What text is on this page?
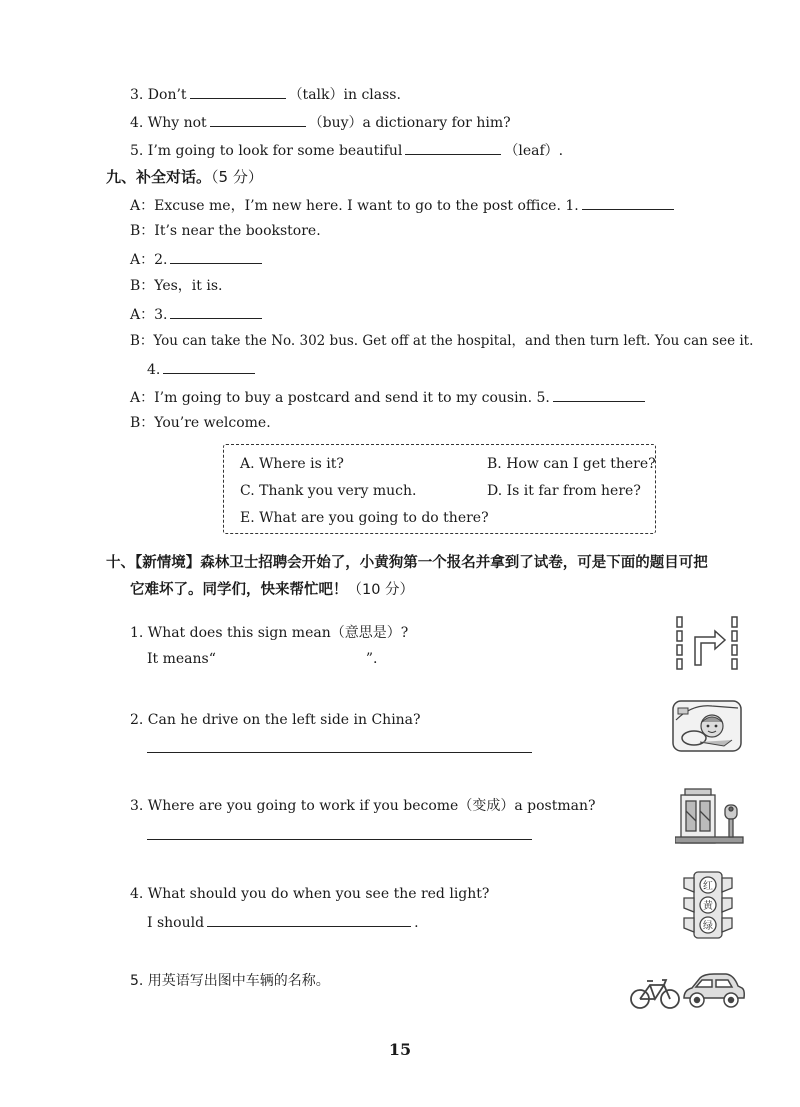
3. Don’t	（talk）in class.
4. Why not	（buy）a dictionary for him?
5. I’m going to look for some beautiful	（leaf）.
九、补全对话。（5 分）
A：Excuse me，I’m new here. I want to go to the post office. 1.
B：It’s near the bookstore.
A：2.
B：Yes，it is.
A：3.
B：You can take the No. 302 bus. Get off at the hospital，and then turn left. You can see it.
4.
A：I’m going to buy a postcard and send it to my cousin. 5.
B：You’re welcome.
A. Where is it?	B. How can I get there?
C. Thank you very much.	D. Is it far from here?
E. What are you going to do there?
十、【新情境】森林卫士招聘会开始了，小黄狗第一个报名并拿到了试卷，可是下面的题目可把
它难坏了。同学们，快来帮忙吧！（10 分）
1. What does this sign mean（意思是）?
It means“	”.
2. Can he drive on the left side in China?
3. Where are you going to work if you become（变成）a postman?
4. What should you do when you see the red light?
I should	.
红
黄
绿
5. 用英语写出图中车辆的名称。
15
